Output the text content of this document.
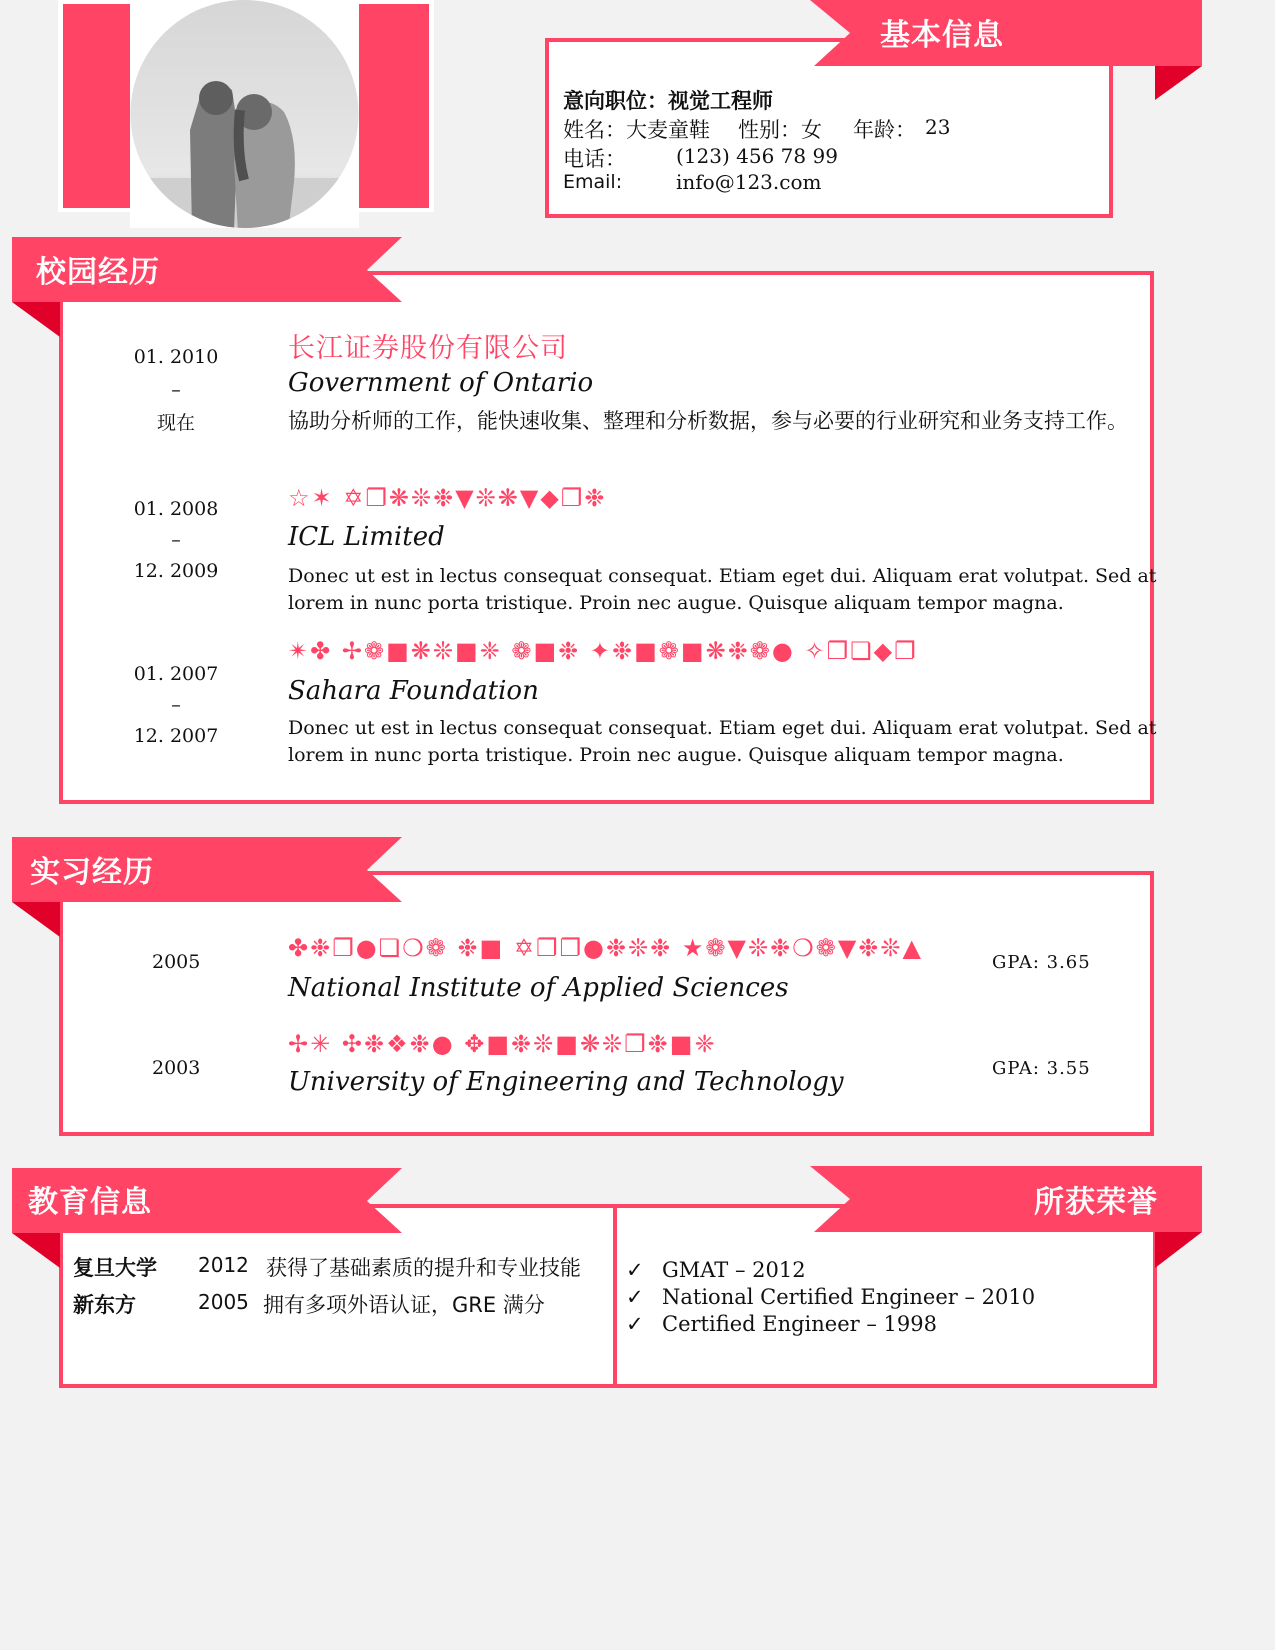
基本信息
意向职位：视觉工程师
姓名：大麦童鞋 性别：女 年龄： 23
电话：	(123) 456 78 99
Email:	info@123.com
校园经历
01. 2010
–
现在
长江证券股份有限公司
Government of Ontario
協助分析师的工作，能快速收集、整理和分析数据，参与必要的行业研究和业务支持工作。
01. 2008
–
12. 2009
☆✶ ✡❐❋❊❉▼❊❋▼◆❐❉
ICL Limited
Donec ut est in lectus consequat consequat. Etiam eget dui. Aliquam erat volutpat. Sed at lorem in nunc porta tristique. Proin nec augue. Quisque aliquam tempor magna.
01. 2007
–
12. 2007
✴✤ ✢❁■❋❊■❈ ❁■❉ ✦❉■❁■❋❉❁● ✧❐❏◆❐
Sahara Foundation
Donec ut est in lectus consequat consequat. Etiam eget dui. Aliquam erat volutpat. Sed at lorem in nunc porta tristique. Proin nec augue. Quisque aliquam tempor magna.
实习经历
2005	✤❉❐●❏❍❁ ❉■ ✡❐❐●❉❊❉ ★❁▼❊❉❍❁▼❉❊▲
National Institute of Applied Sciences
GPA: 3.65
2003
✢✳ ✣❉❖❉● ✥■❉❊■❋❊❐❉■❈
University of Engineering and Technology	GPA: 3.55
教育信息
复旦大学 2012 获得了基础素质的提升和专业技能
新东方	2005 拥有多项外语认证，GRE 满分
所获荣誉
✓ GMAT – 2012
✓ National Certified Engineer – 2010
✓ Certified Engineer – 1998
